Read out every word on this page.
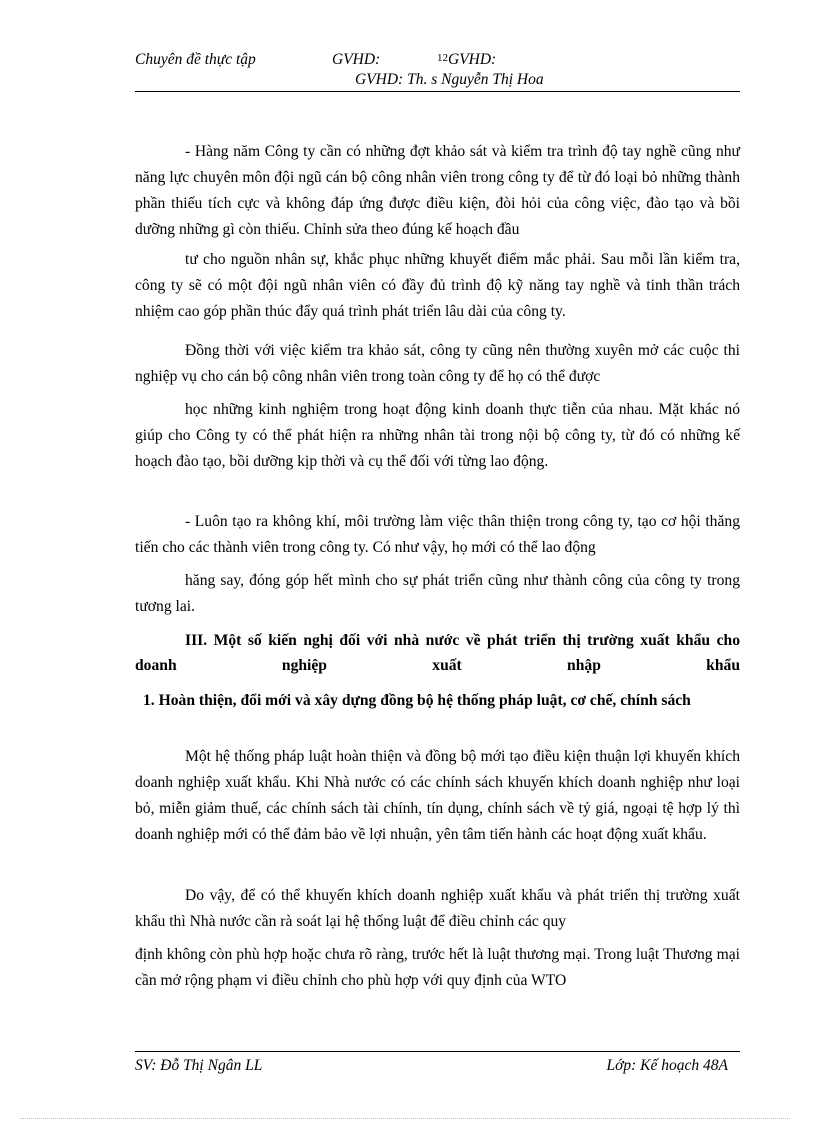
Chuyên đề thực tập	GVHD:	12 GVHD:
GVHD: Th. s Nguyễn Thị Hoa
- Hàng năm Công ty cần có những đợt khảo sát và kiểm tra trình độ tay nghề cũng như năng lực chuyên môn đội ngũ cán bộ công nhân viên trong công ty để từ đó loại bỏ những thành phần thiếu tích cực và không đáp ứng được điều kiện, đòi hỏi của công việc, đào tạo và bồi dưỡng những gì còn thiếu. Chỉnh sửa theo đúng kế hoạch đầu
tư cho nguồn nhân sự, khắc phục những khuyết điểm mắc phải. Sau mỗi lần kiểm tra, công ty sẽ có một đội ngũ nhân viên có đầy đủ trình độ kỹ năng tay nghề và tinh thần trách nhiệm cao góp phần thúc đẩy quá trình phát triển lâu dài của công ty.
Đồng thời với việc kiểm tra khảo sát, công ty cũng nên thường xuyên mở các cuộc thi nghiệp vụ cho cán bộ công nhân viên trong toàn công ty để họ có thể được
học những kinh nghiệm trong hoạt động kinh doanh thực tiễn của nhau. Mặt khác nó giúp cho Công ty có thể phát hiện ra những nhân tài trong nội bộ công ty, từ đó có những kế hoạch đào tạo, bồi dưỡng kịp thời và cụ thể đối với từng lao động.
- Luôn tạo ra không khí, môi trường làm việc thân thiện trong công ty, tạo cơ hội thăng tiến cho các thành viên trong công ty. Có như vậy, họ mới có thể lao động
hăng say, đóng góp hết mình cho sự phát triển cũng như thành công của công ty trong tương lai.
III. Một số kiến nghị đối với nhà nước về phát triển thị trường xuất khẩu cho doanh nghiệp xuất nhập khẩu
1. Hoàn thiện, đổi mới và xây dựng đồng bộ hệ thống pháp luật, cơ chế, chính sách
Một hệ thống pháp luật hoàn thiện và đồng bộ mới tạo điều kiện thuận lợi khuyến khích doanh nghiệp xuất khẩu. Khi Nhà nước có các chính sách khuyến khích doanh nghiệp như loại bỏ, miễn giảm thuế, các chính sách tài chính, tín dụng, chính sách về tỷ giá, ngoại tệ hợp lý thì doanh nghiệp mới có thể đảm bảo về lợi nhuận, yên tâm tiến hành các hoạt động xuất khẩu.
Do vậy, để có thể khuyến khích doanh nghiệp xuất khẩu và phát triển thị trường xuất khẩu thì Nhà nước cần rà soát lại hệ thống luật để điều chỉnh các quy
định không còn phù hợp hoặc chưa rõ ràng, trước hết là luật thương mại. Trong luật Thương mại cần mở rộng phạm vi điều chỉnh cho phù hợp với quy định của WTO
SV: Đỗ Thị Ngân LL	Lớp: Kế hoạch 48A
